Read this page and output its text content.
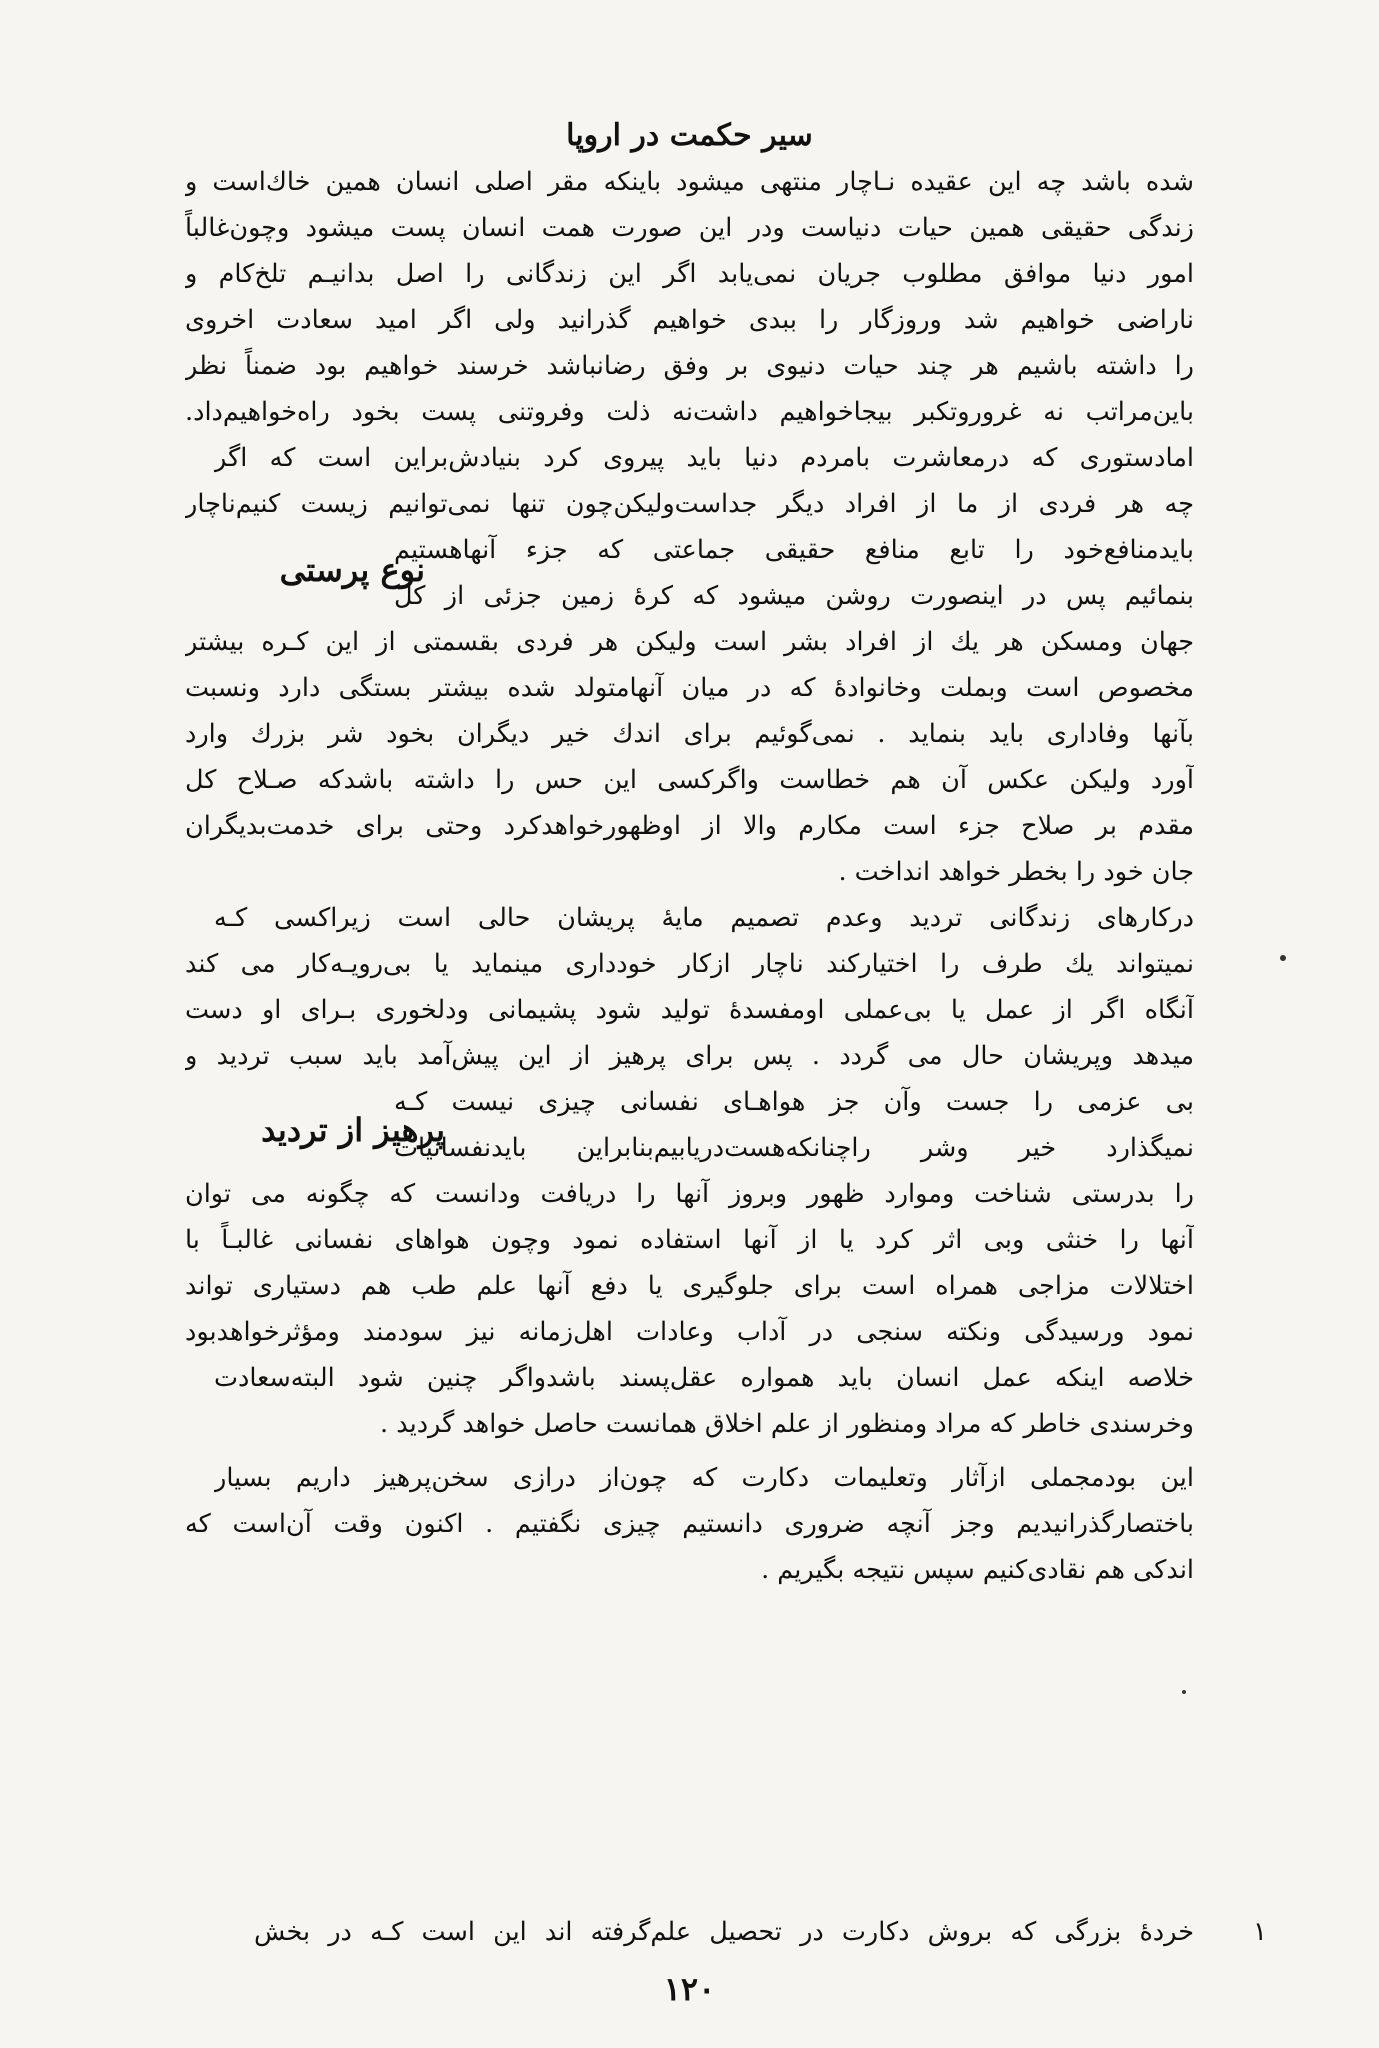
سیر حکمت در اروپا
شده باشد چه این عقیده نـاچار منتهی میشود باینکه مقر اصلی انسان همین خاك‌است و
زندگی حقیقی همین حیات دنیاست ودر این صورت همت انسان پست میشود وچون‌غالباً
امور دنیا موافق مطلوب جریان نمی‌یابد اگر این زندگانی را اصل بدانیـم تلخ‌کام و
ناراضی خواهیم شد وروزگار را ببدی خواهیم گذرانید ولی اگر امید سعادت اخروی
را داشته باشیم هر چند حیات دنیوی بر وفق رضانباشد خرسند خواهیم بود ضمناً نظر
باین‌مراتب نه غرورو‌تکبر بیجاخواهیم داشت‌نه ذلت وفروتنی پست بخود راه‌خواهیم‌داد.
امادستوری که درمعاشرت بامردم دنیا باید پیروی کرد بنیادش‌براین است که اگر
چه هر فردی از ما از افراد دیگر جداست‌ولیکن‌چون تنها نمی‌توانیم زیست کنیم‌ناچار
بایدمنافع‌خود را تابع منافع حقیقی جماعتی که جزء آنهاهستیم
نوع پرستی
بنمائیم پس در اینصورت روشن میشود که کرهٔ زمین جزئی از کل
جهان ومسکن هر یك از افراد بشر است ولیکن هر فردی بقسمتی از این کـره بیشتر
مخصوص است وبملت وخانوادهٔ که در میان آنهامتولد شده بیشتر بستگی دارد ونسبت
بآنها وفاداری باید بنماید . نمی‌گوئیم برای اندك خیر دیگران بخود شر بزرك وارد
آورد ولیکن عکس آن هم خطاست واگرکسی این حس را داشته باشدکه صـلاح کل
مقدم بر صلاح جزء است مکارم والا از اوظهورخواهدکرد وحتی برای خدمت‌بدیگران
جان خود را بخطر خواهد انداخت .
درکارهای زندگانی تردید وعدم تصمیم مایهٔ پریشان حالی است زیراکسی کـه
نمیتواند یك طرف را اختیارکند ناچار ازکار خودداری مینماید یا بی‌رویـه‌کار می کند
آنگاه اگر از عمل یا بی‌عملی اومفسدهٔ تولید شود پشیمانی ودلخوری بـرای او دست
میدهد وپریشان حال می گردد . پس برای پرهیز از این پیش‌آمد باید سبب تردید و
بی عزمی را جست وآن جز هواهـای نفسانی چیزی نیست کـه
پرهیز از تردید
نمیگذارد خیر وشر راچنانکه‌هست‌دریابیم‌بنابراین بایدنفسانیات
را بدرستی شناخت وموارد ظهور وبروز آنها را دریافت ودانست که چگونه می توان
آنها را خنثی وبی اثر کرد یا از آنها استفاده نمود وچون هواهای نفسانی غالبـاً با
اختلالات مزاجی همراه است برای جلوگیری یا دفع آنها علم طب هم دستیاری تواند
نمود ورسیدگی ونکته سنجی در آداب وعادات اهل‌زمانه نیز سودمند ومؤثرخواهدبود
خلاصه اینکه عمل انسان باید همواره عقل‌پسند باشدواگر چنین شود البته‌سعادت
وخرسندی خاطر که مراد ومنظور از علم اخلاق همانست حاصل خواهد گردید .
این بودمجملی ازآثار وتعلیمات دکارت که چون‌از درازی سخن‌پرهیز داریم بسیار
باختصارگذرانیدیم وجز آنچه ضروری دانستیم چیزی نگفتیم . اکنون وقت آن‌است که
اندکی هم نقادی‌کنیم سپس نتیجه بگیریم .
۱
خردهٔ بزرگی که بروش دکارت در تحصیل علم‌گرفته اند این است کـه در بخش
۱۲۰
